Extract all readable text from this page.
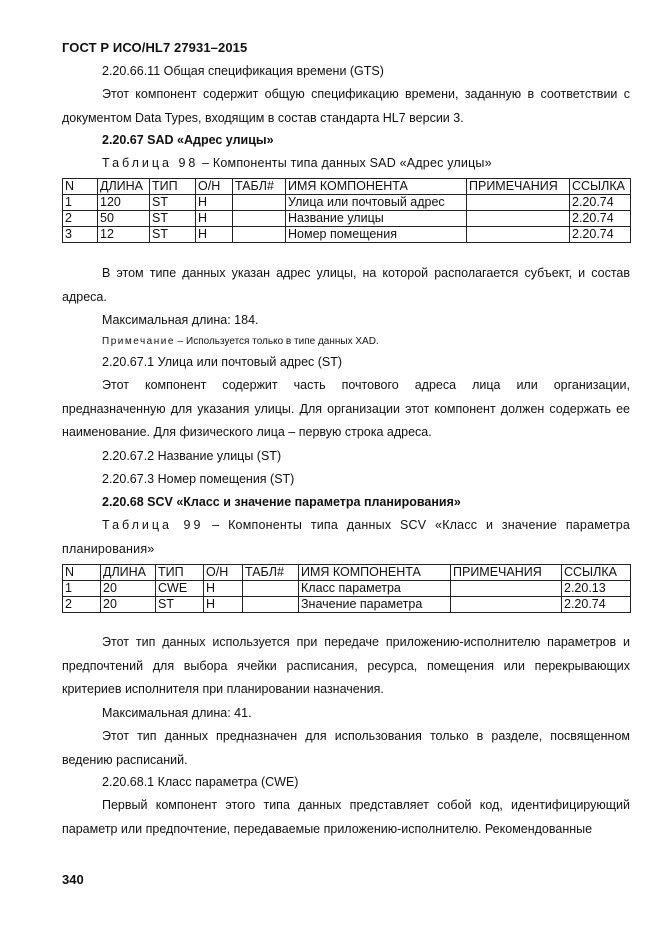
ГОСТ Р ИСО/HL7 27931–2015
2.20.66.11 Общая спецификация времени (GTS)
Этот компонент содержит общую спецификацию времени, заданную в соответствии с документом Data Types, входящим в состав стандарта HL7 версии 3.
2.20.67 SAD «Адрес улицы»
Таблица 98 – Компоненты типа данных SAD «Адрес улицы»
N	ДЛИНА	ТИП	О/Н	ТАБЛ#	ИМЯ КОМПОНЕНТА	ПРИМЕЧАНИЯ	ССЫЛКА
1	120	ST	Н		Улица или почтовый адрес		2.20.74
2	50	ST	Н		Название улицы		2.20.74
3	12	ST	Н		Номер помещения		2.20.74
В этом типе данных указан адрес улицы, на которой располагается субъект, и состав адреса.
Максимальная длина: 184.
Примечание – Используется только в типе данных XAD.
2.20.67.1 Улица или почтовый адрес (ST)
Этот компонент содержит часть почтового адреса лица или организации, предназначенную для указания улицы. Для организации этот компонент должен содержать ее наименование. Для физического лица – первую строка адреса.
2.20.67.2 Название улицы (ST)
2.20.67.3 Номер помещения (ST)
2.20.68 SCV «Класс и значение параметра планирования»
Таблица 99 – Компоненты типа данных SCV «Класс и значение параметра планирования»
N	ДЛИНА	ТИП	О/Н	ТАБЛ#	ИМЯ КОМПОНЕНТА	ПРИМЕЧАНИЯ	ССЫЛКА
1	20	CWE	Н		Класс параметра		2.20.13
2	20	ST	Н		Значение параметра		2.20.74
Этот тип данных используется при передаче приложению-исполнителю параметров и предпочтений для выбора ячейки расписания, ресурса, помещения или перекрывающих критериев исполнителя при планировании назначения.
Максимальная длина: 41.
Этот тип данных предназначен для использования только в разделе, посвященном ведению расписаний.
2.20.68.1 Класс параметра (CWE)
Первый компонент этого типа данных представляет собой код, идентифицирующий параметр или предпочтение, передаваемые приложению-исполнителю. Рекомендованные
340
